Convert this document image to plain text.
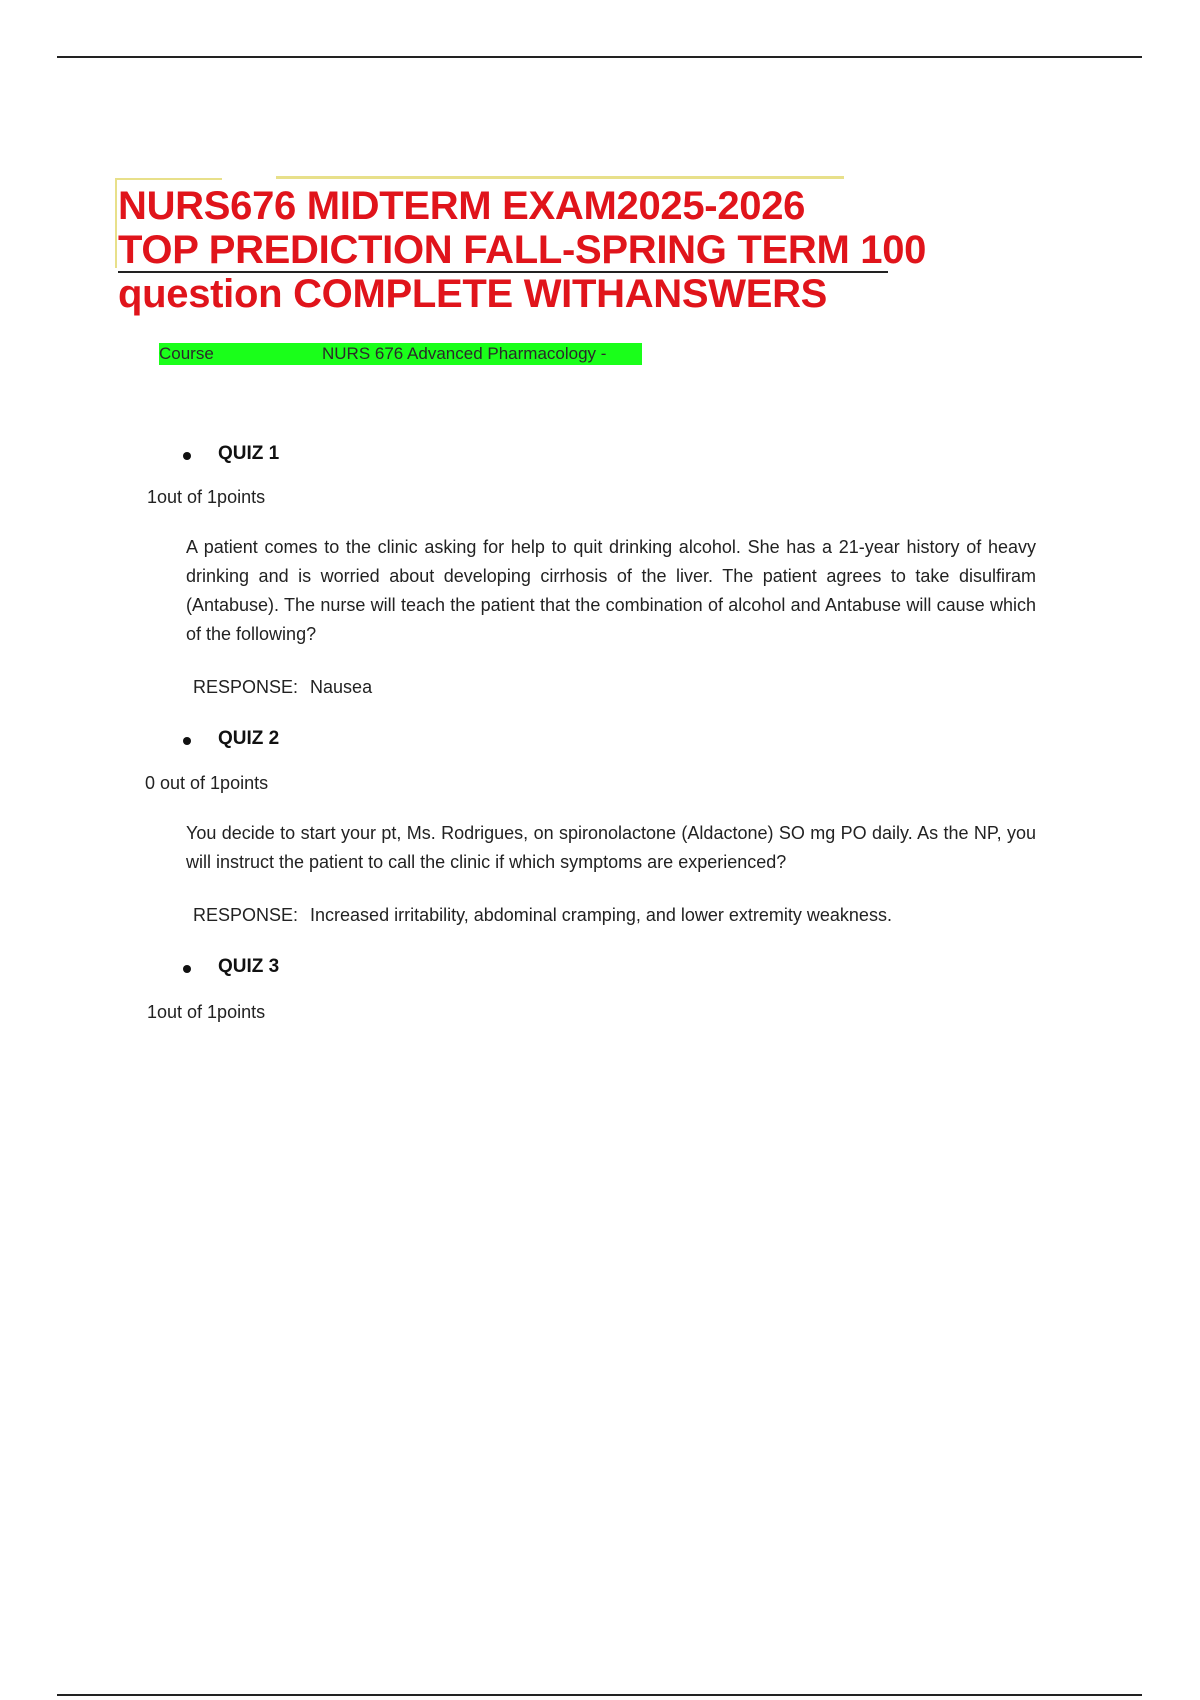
NURS676 MIDTERM EXAM2025-2026
TOP PREDICTION FALL-SPRING TERM 100
question COMPLETE WITHANSWERS
Course	NURS 676 Advanced Pharmacology -
QUIZ 1
1out of 1points
A patient comes to the clinic asking for help to quit drinking alcohol. She has a 21-year history of heavy drinking and is worried about developing cirrhosis of the liver. The patient agrees to take disulfiram (Antabuse). The nurse will teach the patient that the combination of alcohol and Antabuse will cause which of the following?
RESPONSE: Nausea
QUIZ 2
0 out of 1points
You decide to start your pt, Ms. Rodrigues, on spironolactone (Aldactone) SO mg PO daily. As the NP, you will instruct the patient to call the clinic if which symptoms are experienced?
RESPONSE: Increased irritability, abdominal cramping, and lower extremity weakness.
QUIZ 3
1out of 1points
